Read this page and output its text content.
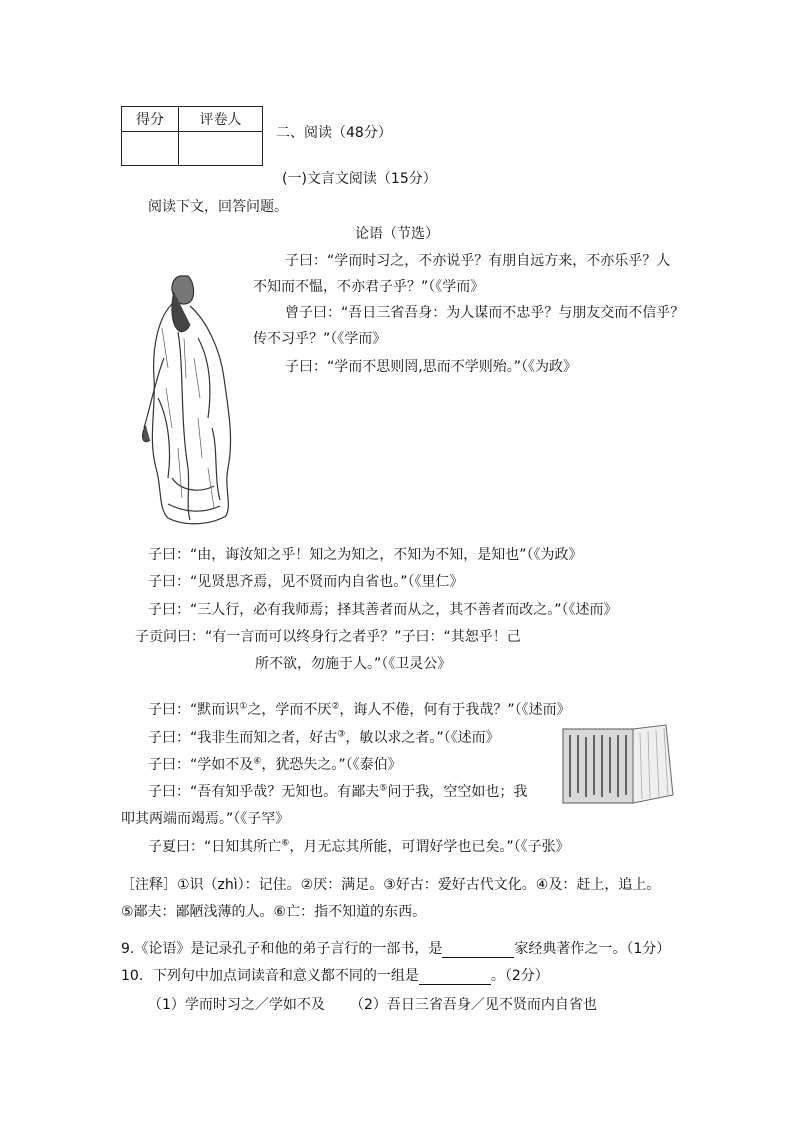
得分	评卷人

二、阅读（48分）
(一)文言文阅读（15分）
阅读下文，回答问题。
论语（节选）
子曰：“学而时习之，不亦说乎？有朋自远方来，不亦乐乎？人
不知而不愠，不亦君子乎？”（《学而》
曾子曰：“吾日三省吾身：为人谋而不忠乎？与朋友交而不信乎？
传不习乎？”（《学而》
子曰：“学而不思则罔,思而不学则殆。”（《为政》
子曰：“由，诲汝知之乎！知之为知之，不知为不知，是知也”（《为政》
子曰：“见贤思齐焉，见不贤而内自省也。”（《里仁》
子曰：“三人行，必有我师焉；择其善者而从之，其不善者而改之。”（《述而》
子贡问曰：“有一言而可以终身行之者乎？”子曰：“其恕乎！己
所不欲，勿施于人。”（《卫灵公》
子曰：“默而识①之，学而不厌②，诲人不倦，何有于我哉？”（《述而》
子曰：“我非生而知之者，好古③，敏以求之者。”（《述而》
子曰：“学如不及④，犹恐失之。”（《泰伯》
子曰：“吾有知乎哉？无知也。有鄙夫⑤问于我，空空如也；我
叩其两端而竭焉。”（《子罕》
子夏曰：“日知其所亡⑥，月无忘其所能，可谓好学也已矣。”（《子张》
［注释］①识（zhì）：记住。②厌：满足。③好古：爱好古代文化。④及：赶上，追上。
⑤鄙夫：鄙陋浅薄的人。⑥亡：指不知道的东西。
9.《论语》是记录孔子和他的弟子言行的一部书，是	家经典著作之一。（1分）
10．下列句中加点词读音和意义都不同的一组是	。（2分）
（1）学而时习之／学如不及 （2）吾日三省吾身／见不贤而内自省也
